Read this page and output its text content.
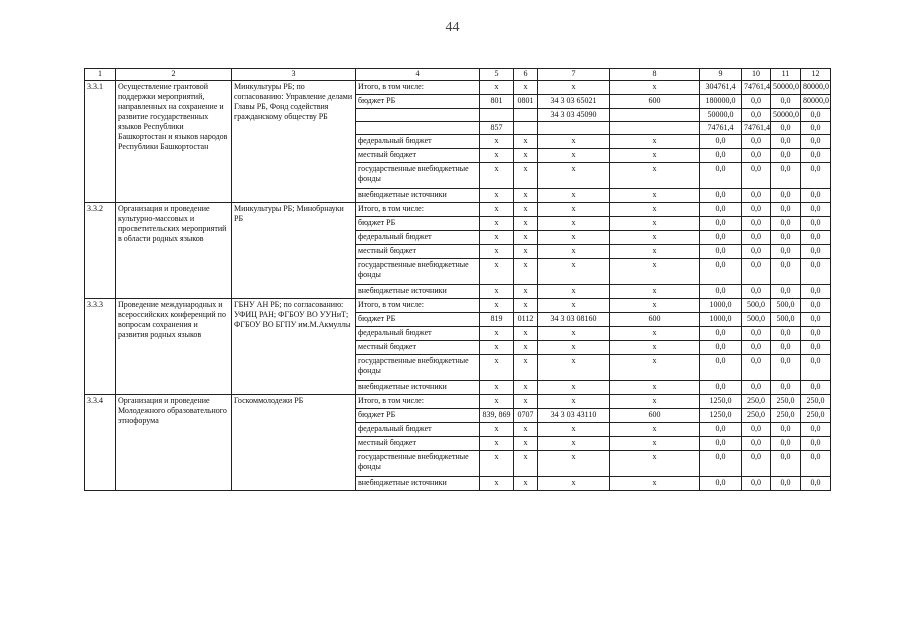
44
1	2	3	4	5	6	7	8	9	10	11	12
3.3.1	Осуществление грантовой поддержки мероприятий, направленных на сохранение и развитие государственных языков Республики Башкортостан и языков народов Республики Башкортостан	Минкультуры РБ; по согласованию: Управление делами Главы РБ, Фонд содействия гражданскому обществу РБ	Итого, в том числе:	x	x	x	x	304761,4	74761,4	50000,0	80000,0
			бюджет РБ	801	0801	34 3 03 65021	600	180000,0	0,0	0,0	80000,0
						34 3 03 45090		50000,0	0,0	50000,0	0,0
				857				74761,4	74761,4	0,0	0,0
			федеральный бюджет	x	x	x	x	0,0	0,0	0,0	0,0
			местный бюджет	x	x	x	x	0,0	0,0	0,0	0,0
			государственные внебюджетные фонды	x	x	x	x	0,0	0,0	0,0	0,0
			внебюджетные источники	x	x	x	x	0,0	0,0	0,0	0,0
3.3.2	Организация и проведение культурно-массовых и просветительских мероприятий в области родных языков	Минкультуры РБ; Минобрнауки РБ	Итого, в том числе:	x	x	x	x	0,0	0,0	0,0	0,0
			бюджет РБ	x	x	x	x	0,0	0,0	0,0	0,0
			федеральный бюджет	x	x	x	x	0,0	0,0	0,0	0,0
			местный бюджет	x	x	x	x	0,0	0,0	0,0	0,0
			государственные внебюджетные фонды	x	x	x	x	0,0	0,0	0,0	0,0
			внебюджетные источники	x	x	x	x	0,0	0,0	0,0	0,0
3.3.3	Проведение международных и всероссийских конференций по вопросам сохранения и развития родных языков	ГБНУ АН РБ; по согласованию: УФИЦ РАН; ФГБОУ ВО УУНиТ; ФГБОУ ВО БГПУ им.М.Акмуллы	Итого, в том числе:	x	x	x	x	1000,0	500,0	500,0	0,0
			бюджет РБ	819	0112	34 3 03 08160	600	1000,0	500,0	500,0	0,0
			федеральный бюджет	x	x	x	x	0,0	0,0	0,0	0,0
			местный бюджет	x	x	x	x	0,0	0,0	0,0	0,0
			государственные внебюджетные фонды	x	x	x	x	0,0	0,0	0,0	0,0
			внебюджетные источники	x	x	x	x	0,0	0,0	0,0	0,0
3.3.4	Организация и проведение Молодежного образовательного этнофорума	Госкоммолодежи РБ	Итого, в том числе:	x	x	x	x	1250,0	250,0	250,0	250,0
			бюджет РБ	839, 869	0707	34 3 03 43110	600	1250,0	250,0	250,0	250,0
			федеральный бюджет	x	x	x	x	0,0	0,0	0,0	0,0
			местный бюджет	x	x	x	x	0,0	0,0	0,0	0,0
			государственные внебюджетные фонды	x	x	x	x	0,0	0,0	0,0	0,0
			внебюджетные источники	x	x	x	x	0,0	0,0	0,0	0,0
